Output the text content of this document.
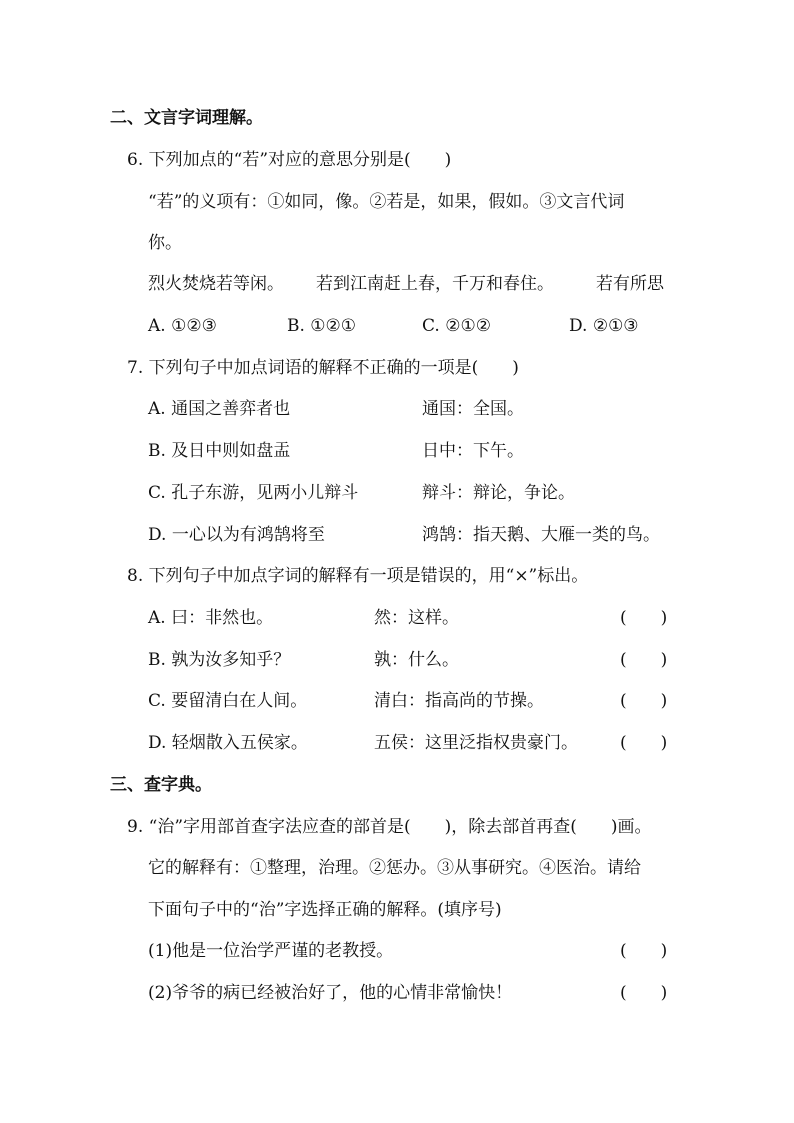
二、文言字词理解。
6. 下列加点的“若”对应的意思分别是(　　)
“若”的义项有：①如同，像。②若是，如果，假如。③文言代词
你。
烈火焚烧若等闲。 若到江南赶上春，千万和春住。 若有所思
A. ①②③	B. ①②①	C. ②①②	D. ②①③
7. 下列句子中加点词语的解释不正确的一项是(　　)
A. 通国之善弈者也	通国：全国。
B. 及日中则如盘盂	日中：下午。
C. 孔子东游，见两小儿辩斗	辩斗：辩论，争论。
D. 一心以为有鸿鹄将至	鸿鹄：指天鹅、大雁一类的鸟。
8. 下列句子中加点字词的解释有一项是错误的，用“×”标出。
A. 曰：非然也。	然：这样。	(　　)
B. 孰为汝多知乎？	孰：什么。	(　　)
C. 要留清白在人间。	清白：指高尚的节操。	(　　)
D. 轻烟散入五侯家。	五侯：这里泛指权贵豪门。 (　　)
三、查字典。
9. “治”字用部首查字法应查的部首是(　　)，除去部首再查(　　)画。
它的解释有：①整理，治理。②惩办。③从事研究。④医治。请给
下面句子中的“治”字选择正确的解释。(填序号)
(1)他是一位治学严谨的老教授。	(　　)
(2)爷爷的病已经被治好了，他的心情非常愉快！	(　　)
